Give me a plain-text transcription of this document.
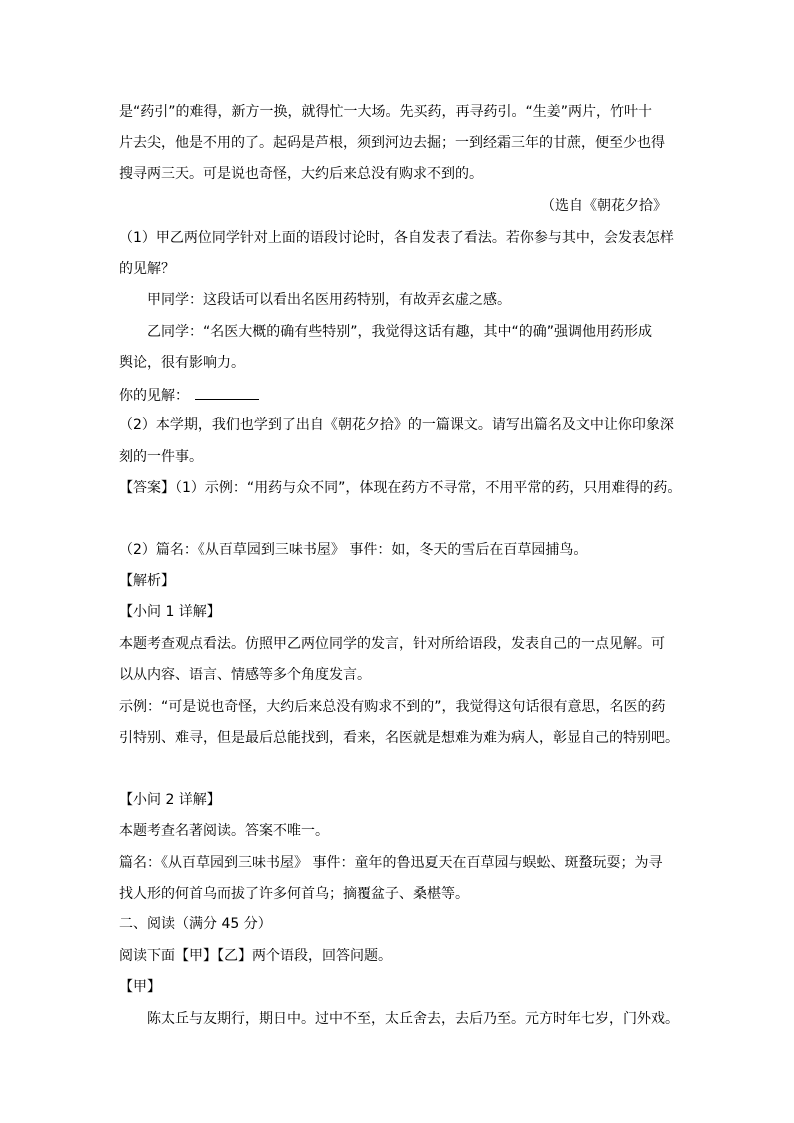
是“药引”的难得，新方一换，就得忙一大场。先买药，再寻药引。“生姜”两片，竹叶十
片去尖，他是不用的了。起码是芦根，须到河边去掘；一到经霜三年的甘蔗，便至少也得
搜寻两三天。可是说也奇怪，大约后来总没有购求不到的。
（选自《朝花夕拾》
（1）甲乙两位同学针对上面的语段讨论时，各自发表了看法。若你参与其中，会发表怎样
的见解？
甲同学：这段话可以看出名医用药特别，有故弄玄虚之感。
乙同学：“名医大概的确有些特别”，我觉得这话有趣，其中“的确”强调他用药形成
舆论，很有影响力。
你的见解：
（2）本学期，我们也学到了出自《朝花夕拾》的一篇课文。请写出篇名及文中让你印象深
刻的一件事。
【答案】（1）示例：“用药与众不同”，体现在药方不寻常，不用平常的药，只用难得的药。
（2）篇名：《从百草园到三味书屋》 事件：如，冬天的雪后在百草园捕鸟。
【解析】
【小问 1 详解】
本题考查观点看法。仿照甲乙两位同学的发言，针对所给语段，发表自己的一点见解。可
以从内容、语言、情感等多个角度发言。
示例：“可是说也奇怪，大约后来总没有购求不到的”，我觉得这句话很有意思，名医的药
引特别、难寻，但是最后总能找到，看来，名医就是想难为难为病人，彰显自己的特别吧。
【小问 2 详解】
本题考查名著阅读。答案不唯一。
篇名：《从百草园到三味书屋》 事件：童年的鲁迅夏天在百草园与蜈蚣、斑蝥玩耍；为寻
找人形的何首乌而拔了许多何首乌；摘覆盆子、桑椹等。
二、阅读（满分 45 分）
阅读下面【甲】【乙】两个语段，回答问题。
【甲】
陈太丘与友期行，期日中。过中不至，太丘舍去，去后乃至。元方时年七岁，门外戏。
